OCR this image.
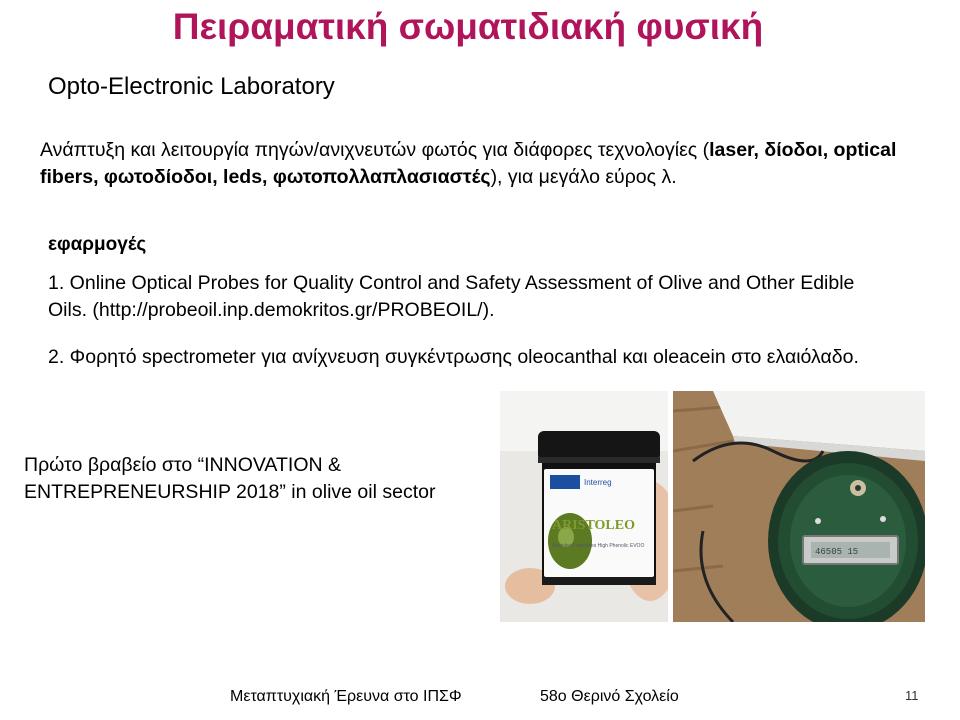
Πειραματική σωματιδιακή φυσική
Opto-Electronic Laboratory
Ανάπτυξη και λειτουργία πηγών/ανιχνευτών φωτός για διάφορες τεχνολογίες (laser, δίοδοι, optical fibers, φωτοδίοδοι, leds, φωτοπολλαπλασιαστές), για μεγάλο εύρος λ.
εφαρμογές
1. Online Optical Probes for Quality Control and Safety Assessment of Olive and Other Edible Oils. (http://probeoil.inp.demokritos.gr/PROBEOIL/).
2. Φορητό spectrometer για ανίχνευση συγκέντρωσης oleocanthal και oleacein στο ελαιόλαδο.
Πρώτο βραβείο στο “INNOVATION & ENTREPRENEURSHIP 2018” in olive oil sector	Interreg
ARISTOLEO
Aristoleo® identifies High Phenolic EVOO
46505 15
Μεταπτυχιακή Έρευνα στο ΙΠΣΦ	58ο Θερινό Σχολείο	11
